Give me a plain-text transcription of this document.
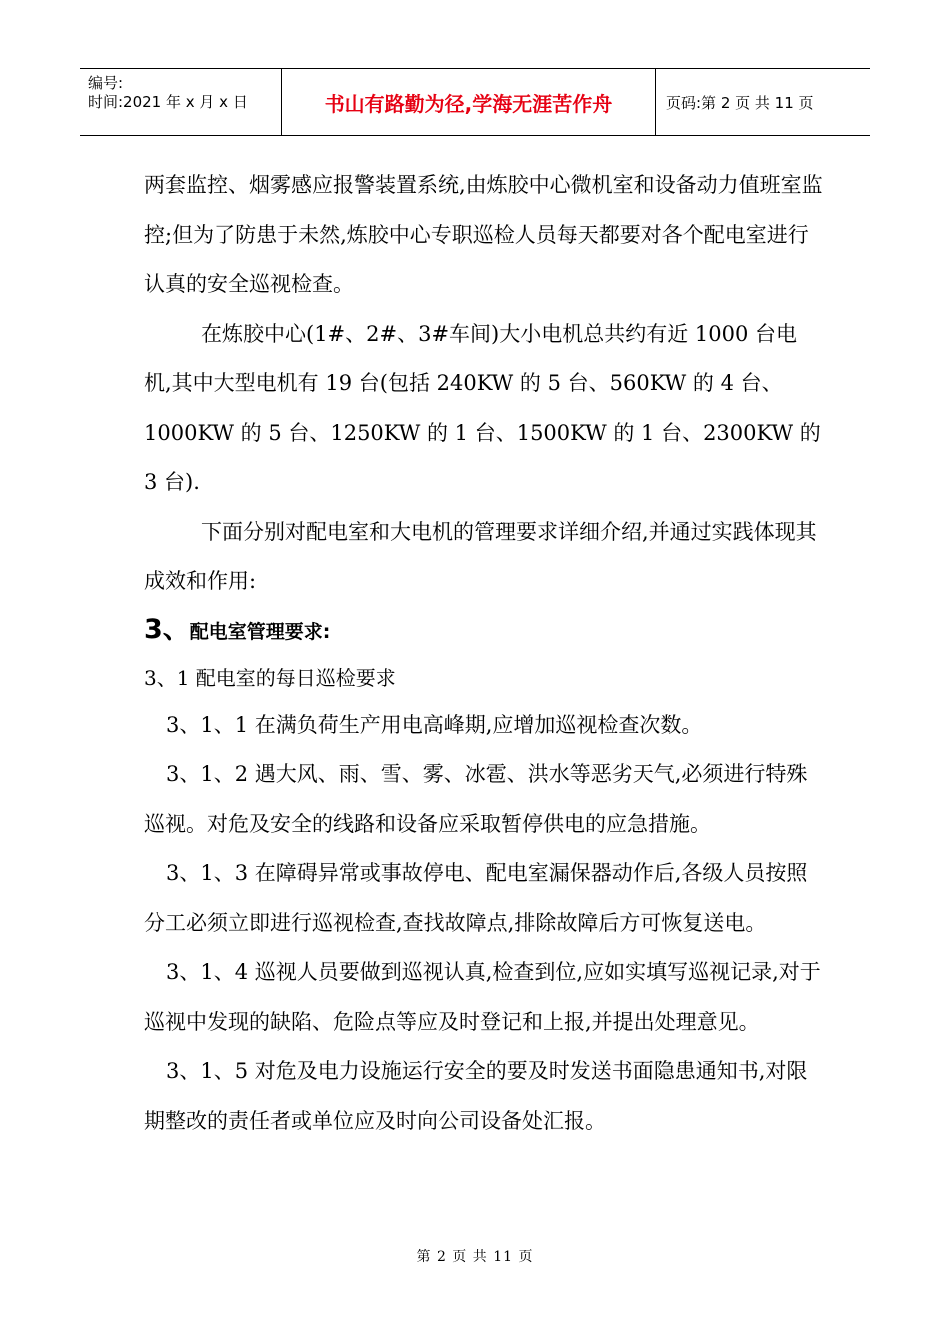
编号:
时间:2021 年 x 月 x 日	书山有路勤为径,学海无涯苦作舟	页码:第 2 页 共 11 页

两套监控、烟雾感应报警装置系统,由炼胶中心微机室和设备动力值班室监控;但为了防患于未然,炼胶中心专职巡检人员每天都要对各个配电室进行认真的安全巡视检查。

在炼胶中心(1#、2#、3#车间)大小电机总共约有近 1000 台电机,其中大型电机有 19 台(包括 240KW 的 5 台、560KW 的 4 台、1000KW 的 5 台、1250KW 的 1 台、1500KW 的 1 台、2300KW 的 3 台).

下面分别对配电室和大电机的管理要求详细介绍,并通过实践体现其成效和作用:

3、配电室管理要求:

3、1 配电室的每日巡检要求

3、1、1 在满负荷生产用电高峰期,应增加巡视检查次数。

3、1、2 遇大风、雨、雪、雾、冰雹、洪水等恶劣天气,必须进行特殊巡视。对危及安全的线路和设备应采取暂停供电的应急措施。

3、1、3 在障碍异常或事故停电、配电室漏保器动作后,各级人员按照分工必须立即进行巡视检查,查找故障点,排除故障后方可恢复送电。

3、1、4 巡视人员要做到巡视认真,检查到位,应如实填写巡视记录,对于巡视中发现的缺陷、危险点等应及时登记和上报,并提出处理意见。

3、1、5 对危及电力设施运行安全的要及时发送书面隐患通知书,对限期整改的责任者或单位应及时向公司设备处汇报。

第 2 页 共 11 页
